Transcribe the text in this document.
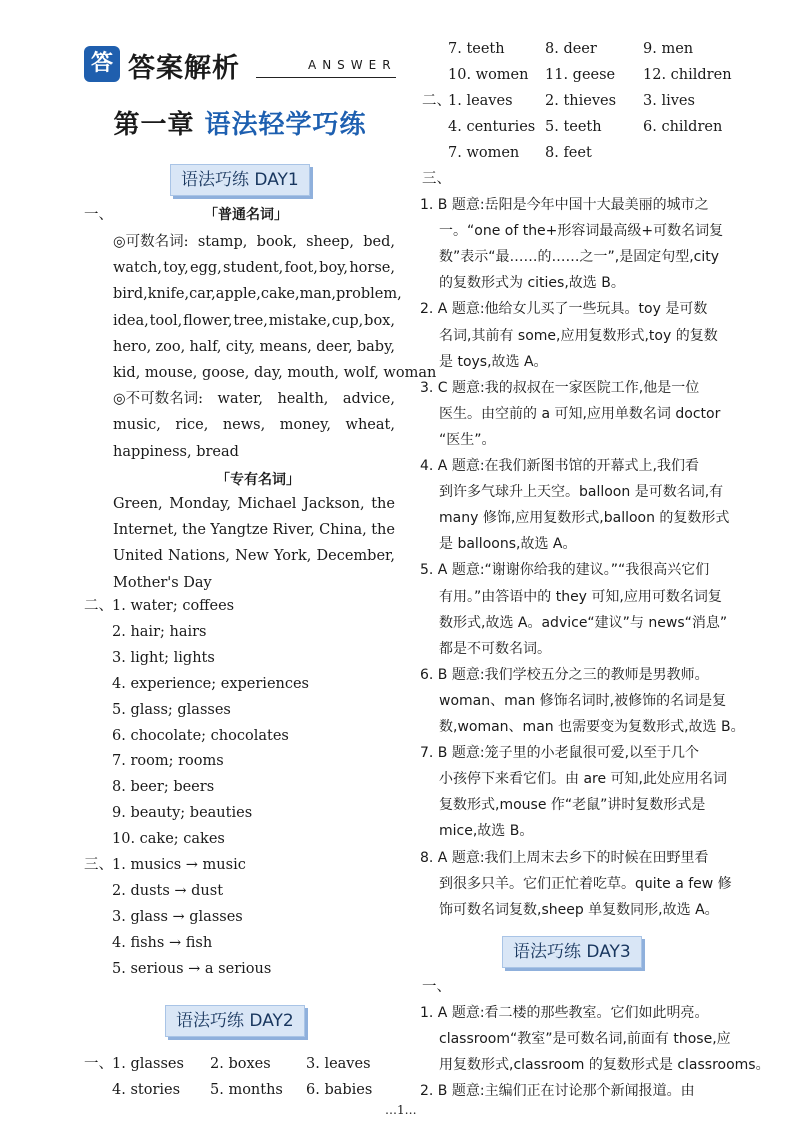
答 答案解析	ANSWER
第一章 语法轻学巧练
语法巧练 DAY1
一、	「普通名词」
◎可数名词: stamp, book, sheep, bed,
watch, toy, egg, student, foot, boy, horse,
bird, knife, car, apple, cake, man, problem,
idea, tool, flower, tree, mistake, cup, box,
hero, zoo, half, city, means, deer, baby,
kid, mouse, goose, day, mouth, wolf, woman
◎不可数名词: water, health, advice,
music, rice, news, money, wheat,
happiness, bread
「专有名词」
Green, Monday, Michael Jackson, the
Internet, the Yangtze River, China, the
United Nations, New York, December,
Mother's Day
二、 1. water; coffees
2. hair; hairs
3. light; lights
4. experience; experiences
5. glass; glasses
6. chocolate; chocolates
7. room; rooms
8. beer; beers
9. beauty; beauties
10. cake; cakes
三、 1. musics → music
2. dusts → dust
3. glass → glasses
4. fishs → fish
5. serious → a serious
语法巧练 DAY2
一、 1. glasses 2. boxes 3. leaves
4. stories 5. months 6. babies
7. teeth	8. deer	9. men
10. women 11. geese 12. children
二、
1. leaves 2. thieves 3. lives
4. centuries 5. teeth	6. children
7. women 8. feet
三、
1. B 题意:岳阳是今年中国十大最美丽的城市之
一。“one of the+形容词最高级+可数名词复
数”表示“最……的……之一”,是固定句型,city
的复数形式为 cities,故选 B。
2. A 题意:他给女儿买了一些玩具。toy 是可数
名词,其前有 some,应用复数形式,toy 的复数
是 toys,故选 A。
3. C 题意:我的叔叔在一家医院工作,他是一位
医生。由空前的 a 可知,应用单数名词 doctor
“医生”。
4. A 题意:在我们新图书馆的开幕式上,我们看
到许多气球升上天空。balloon 是可数名词,有
many 修饰,应用复数形式,balloon 的复数形式
是 balloons,故选 A。
5. A 题意:“谢谢你给我的建议。”“我很高兴它们
有用。”由答语中的 they 可知,应用可数名词复
数形式,故选 A。advice“建议”与 news“消息”
都是不可数名词。
6. B 题意:我们学校五分之三的教师是男教师。
woman、man 修饰名词时,被修饰的名词是复
数,woman、man 也需要变为复数形式,故选 B。
7. B 题意:笼子里的小老鼠很可爱,以至于几个
小孩停下来看它们。由 are 可知,此处应用名词
复数形式,mouse 作“老鼠”讲时复数形式是
mice,故选 B。
8. A 题意:我们上周末去乡下的时候在田野里看
到很多只羊。它们正忙着吃草。quite a few 修
饰可数名词复数,sheep 单复数同形,故选 A。
语法巧练 DAY3
一、
1. A 题意:看二楼的那些教室。它们如此明亮。
classroom“教室”是可数名词,前面有 those,应
用复数形式,classroom 的复数形式是 classrooms。
2. B 题意:主编们正在讨论那个新闻报道。由
…1…
